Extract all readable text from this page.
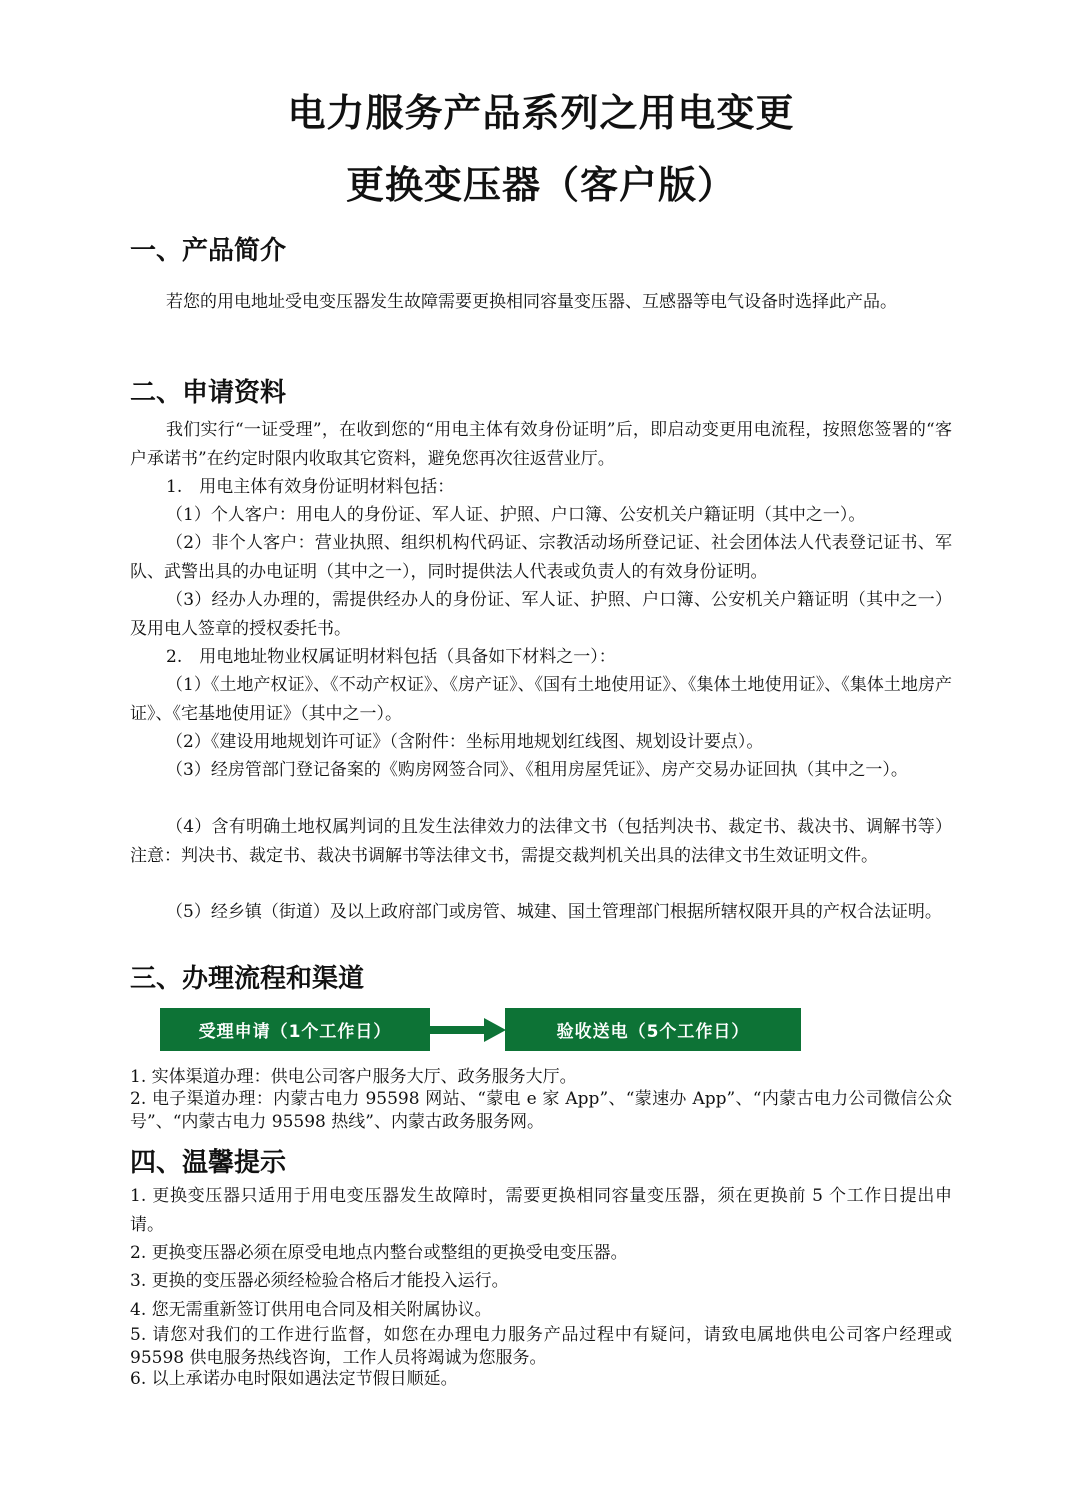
电力服务产品系列之用电变更
更换变压器（客户版）
一、产品简介

若您的用电地址受电变压器发生故障需要更换相同容量变压器、互感器等电气设备时选择此产品。

二、申请资料

我们实行“一证受理”，在收到您的“用电主体有效身份证明”后，即启动变更用电流程，按照您签署的“客户承诺书”在约定时限内收取其它资料，避免您再次往返营业厅。

1.　用电主体有效身份证明材料包括：

（1）个人客户：用电人的身份证、军人证、护照、户口簿、公安机关户籍证明（其中之一）。

（2）非个人客户：营业执照、组织机构代码证、宗教活动场所登记证、社会团体法人代表登记证书、军队、武警出具的办电证明（其中之一），同时提供法人代表或负责人的有效身份证明。

（3）经办人办理的，需提供经办人的身份证、军人证、护照、户口簿、公安机关户籍证明（其中之一）及用电人签章的授权委托书。

2.　用电地址物业权属证明材料包括（具备如下材料之一）：

（1）《土地产权证》、《不动产权证》、《房产证》、《国有土地使用证》、《集体土地使用证》、《集体土地房产证》、《宅基地使用证》（其中之一）。

（2）《建设用地规划许可证》（含附件：坐标用地规划红线图、规划设计要点）。

（3）经房管部门登记备案的《购房网签合同》、《租用房屋凭证》、房产交易办证回执（其中之一）。

（4）含有明确土地权属判词的且发生法律效力的法律文书（包括判决书、裁定书、裁决书、调解书等）注意：判决书、裁定书、裁决书调解书等法律文书，需提交裁判机关出具的法律文书生效证明文件。

（5）经乡镇（街道）及以上政府部门或房管、城建、国土管理部门根据所辖权限开具的产权合法证明。

三、办理流程和渠道
受理申请（1个工作日）	验收送电（5个工作日）

1. 实体渠道办理：供电公司客户服务大厅、政务服务大厅。

2. 电子渠道办理：内蒙古电力 95598 网站、“蒙电 e 家 App”、“蒙速办 App”、“内蒙古电力公司微信公众号”、“内蒙古电力 95598 热线”、内蒙古政务服务网。

四、温馨提示

1. 更换变压器只适用于用电变压器发生故障时，需要更换相同容量变压器，须在更换前 5 个工作日提出申请。

2. 更换变压器必须在原受电地点内整台或整组的更换受电变压器。

3. 更换的变压器必须经检验合格后才能投入运行。

4. 您无需重新签订供用电合同及相关附属协议。

5. 请您对我们的工作进行监督，如您在办理电力服务产品过程中有疑问，请致电属地供电公司客户经理或 95598 供电服务热线咨询，工作人员将竭诚为您服务。

6. 以上承诺办电时限如遇法定节假日顺延。
